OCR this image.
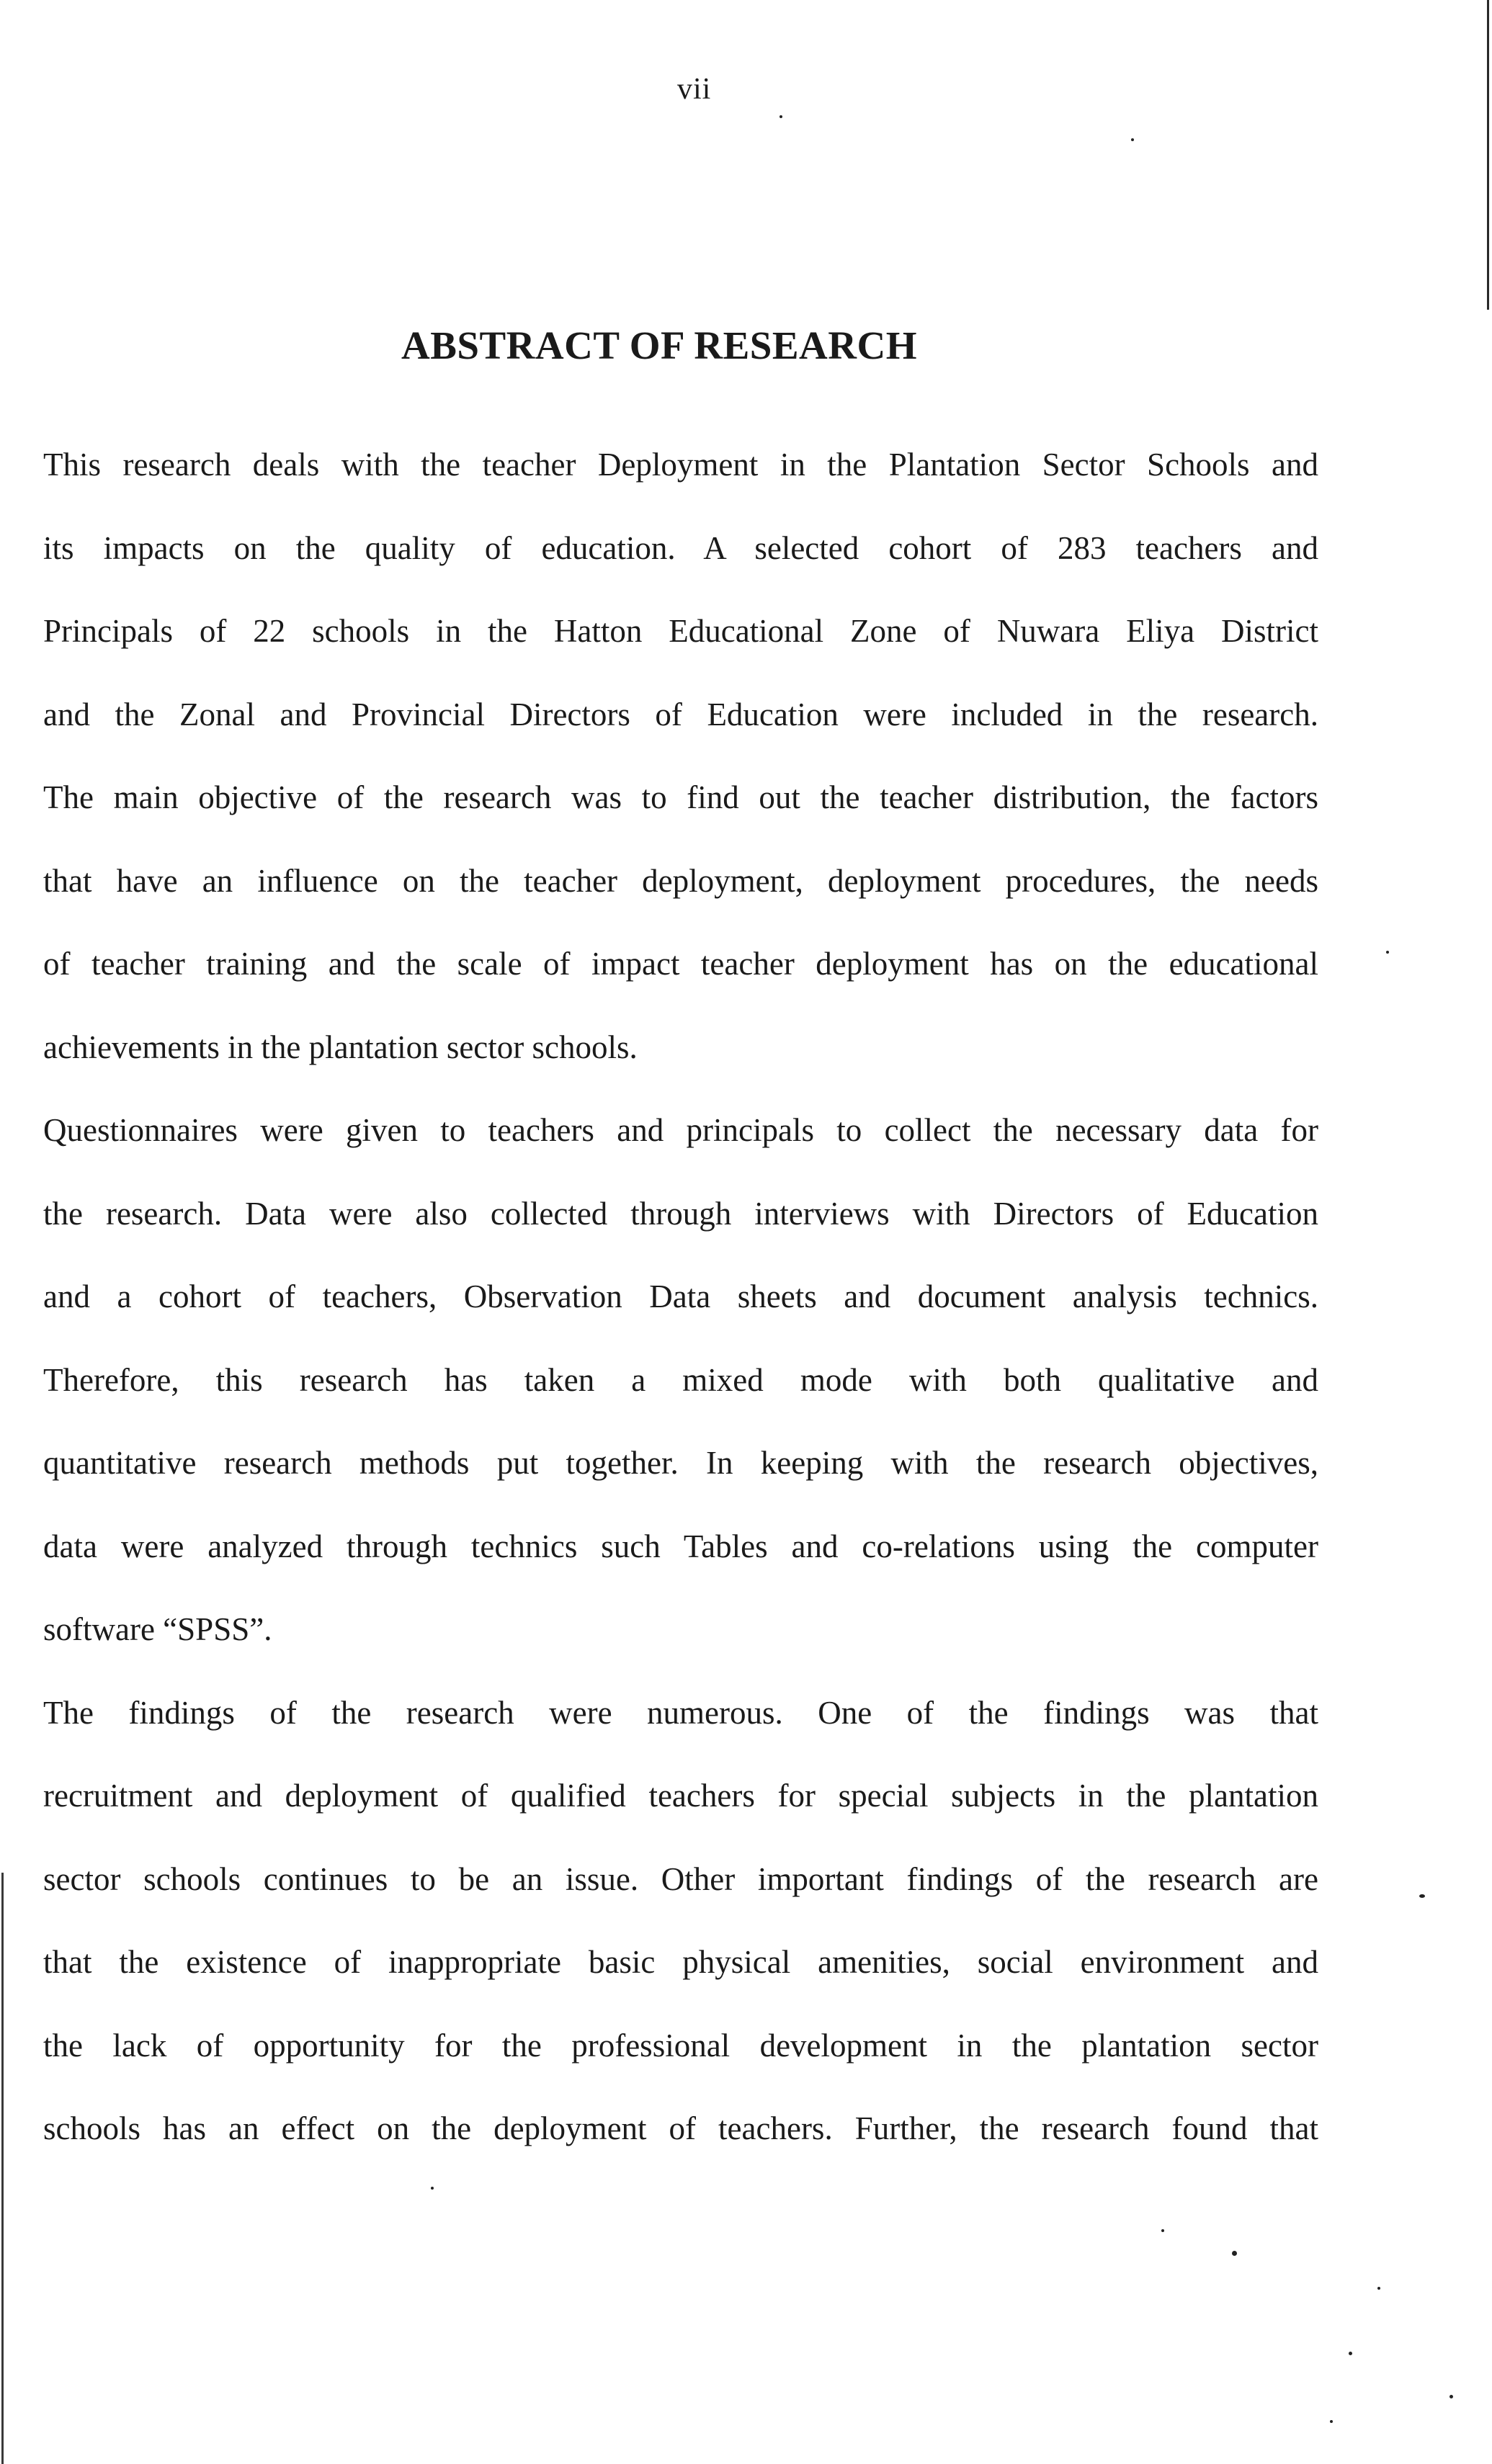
vii
ABSTRACT OF RESEARCH
This research deals with the teacher Deployment in the Plantation Sector Schools and
its impacts on the quality of education. A selected cohort of 283 teachers and
Principals of 22 schools in the Hatton Educational Zone of Nuwara Eliya District
and the Zonal and Provincial Directors of Education were included in the research.
The main objective of the research was to find out the teacher distribution, the factors
that have an influence on the teacher deployment, deployment procedures, the needs
of teacher training and the scale of impact teacher deployment has on the educational
achievements in the plantation sector schools.
Questionnaires were given to teachers and principals to collect the necessary data for
the research. Data were also collected through interviews with Directors of Education
and a cohort of teachers, Observation Data sheets and document analysis technics.
Therefore, this research has taken a mixed mode with both qualitative and
quantitative research methods put together. In keeping with the research objectives,
data were analyzed through technics such Tables and co-relations using the computer
software “SPSS”.
The findings of the research were numerous. One of the findings was that
recruitment and deployment of qualified teachers for special subjects in the plantation
sector schools continues to be an issue. Other important findings of the research are
that the existence of inappropriate basic physical amenities, social environment and
the lack of opportunity for the professional development in the plantation sector
schools has an effect on the deployment of teachers. Further, the research found that
